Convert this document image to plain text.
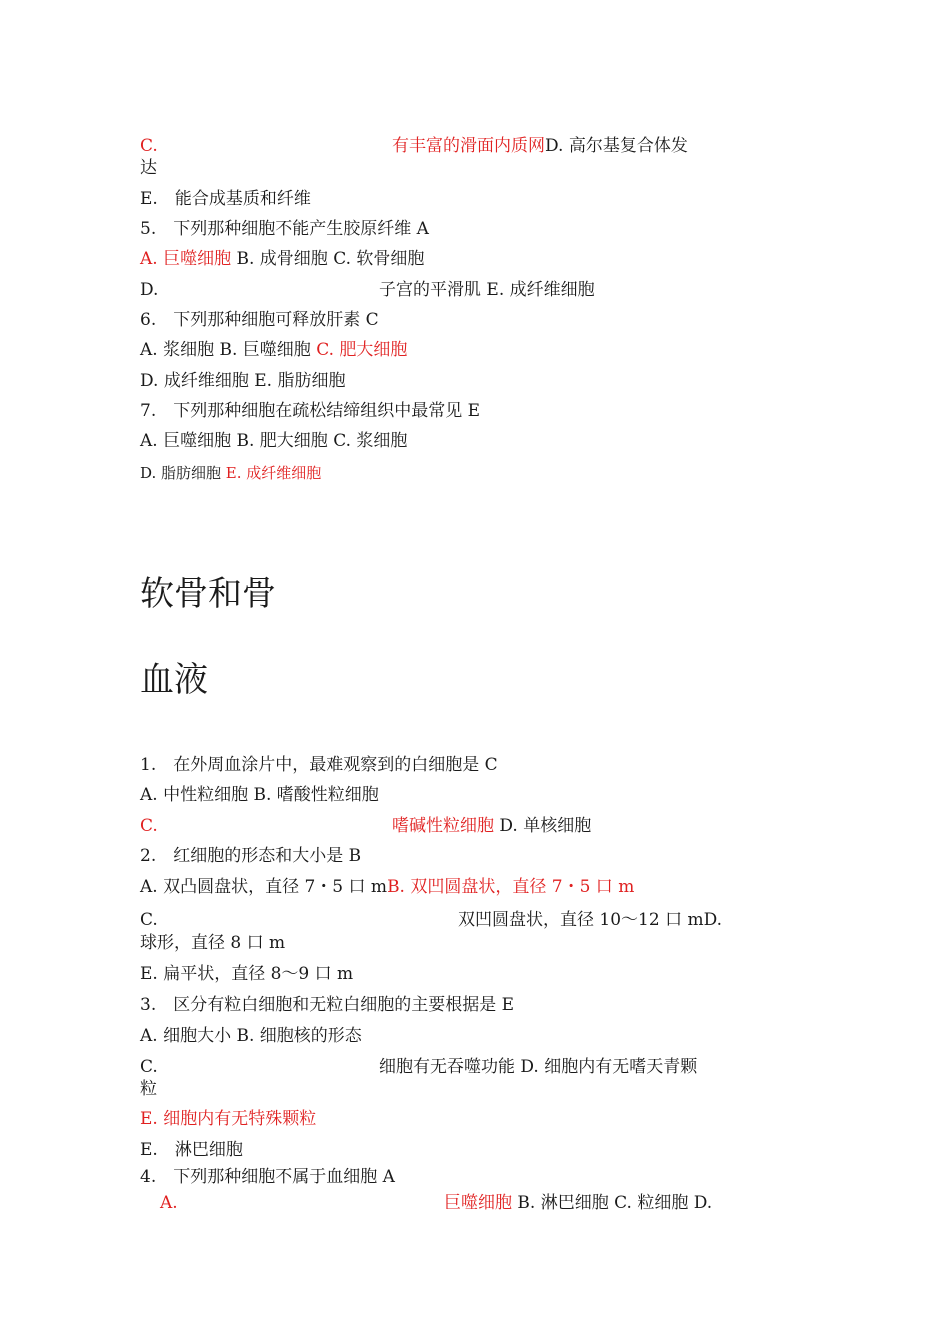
C.	有丰富的滑面内质网D. 高尔基复合体发
达
E.　能合成基质和纤维
5.　下列那种细胞不能产生胶原纤维 A
A. 巨噬细胞 B. 成骨细胞 C. 软骨细胞
D.	子宫的平滑肌 E. 成纤维细胞
6.　下列那种细胞可释放肝素 C
A. 浆细胞 B. 巨噬细胞 C. 肥大细胞
D. 成纤维细胞 E. 脂肪细胞
7.　下列那种细胞在疏松结缔组织中最常见 E
A. 巨噬细胞 B. 肥大细胞 C. 浆细胞
D. 脂肪细胞 E. 成纤维细胞
软骨和骨
血液
1.　在外周血涂片中，最难观察到的白细胞是 C
A. 中性粒细胞 B. 嗜酸性粒细胞
C.	嗜碱性粒细胞 D. 单核细胞
2.　红细胞的形态和大小是 B
A. 双凸圆盘状，直径 7・5 口 mB. 双凹圆盘状，直径 7・5 口 m
C.	双凹圆盘状，直径 10〜12 口 mD.
球形，直径 8 口 m
E. 扁平状，直径 8〜9 口 m
3.　区分有粒白细胞和无粒白细胞的主要根据是 E
A. 细胞大小 B. 细胞核的形态
C.	细胞有无吞噬功能 D. 细胞内有无嗜天青颗
粒
E. 细胞内有无特殊颗粒
E.　淋巴细胞
4.　下列那种细胞不属于血细胞 A
A.	巨噬细胞 B. 淋巴细胞 C. 粒细胞 D.
